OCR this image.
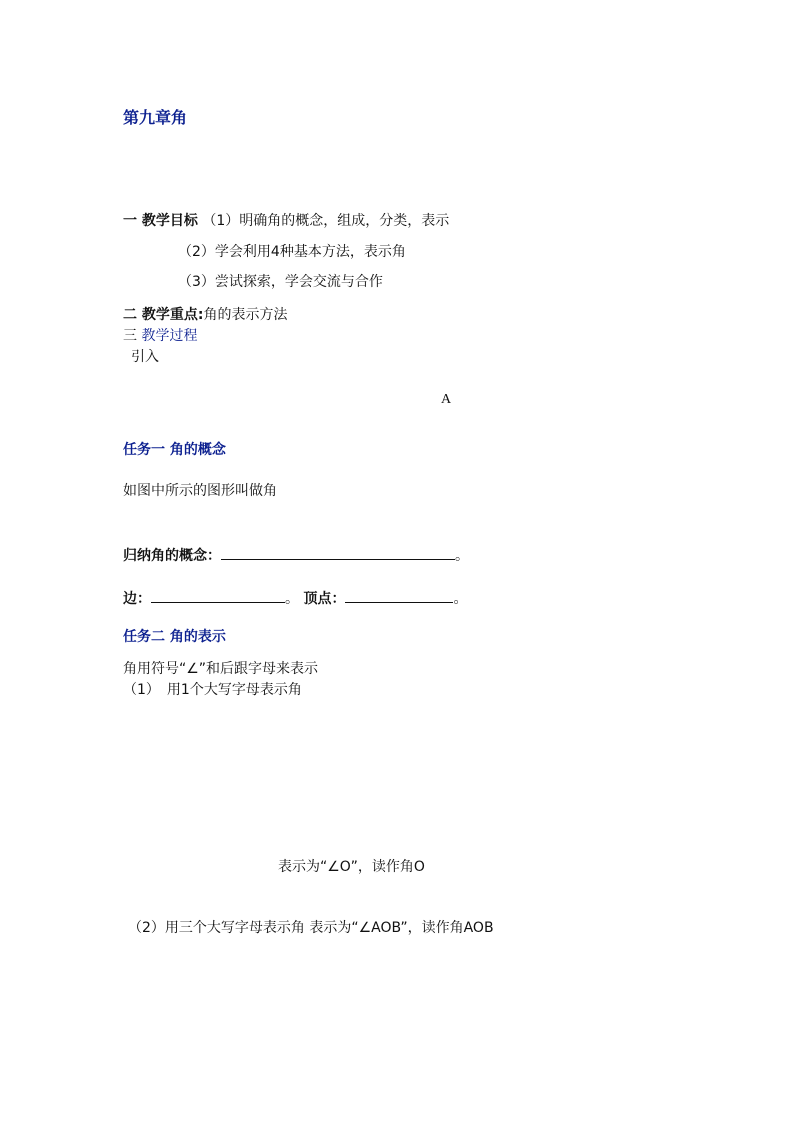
第九章角
一 教学目标 （1）明确角的概念，组成，分类，表示
（2）学会利用4种基本方法，表示角
（3）尝试探索，学会交流与合作
二 教学重点:角的表示方法
三 教学过程
引入
A
任务一 角的概念
如图中所示的图形叫做角
归纳角的概念：	。
边：	。 顶点：	。
任务二 角的表示
角用符号“∠”和后跟字母来表示
（1）　用1个大写字母表示角
表示为“∠O”，读作角O
（2）用三个大写字母表示角 表示为“∠AOB”，读作角AOB
